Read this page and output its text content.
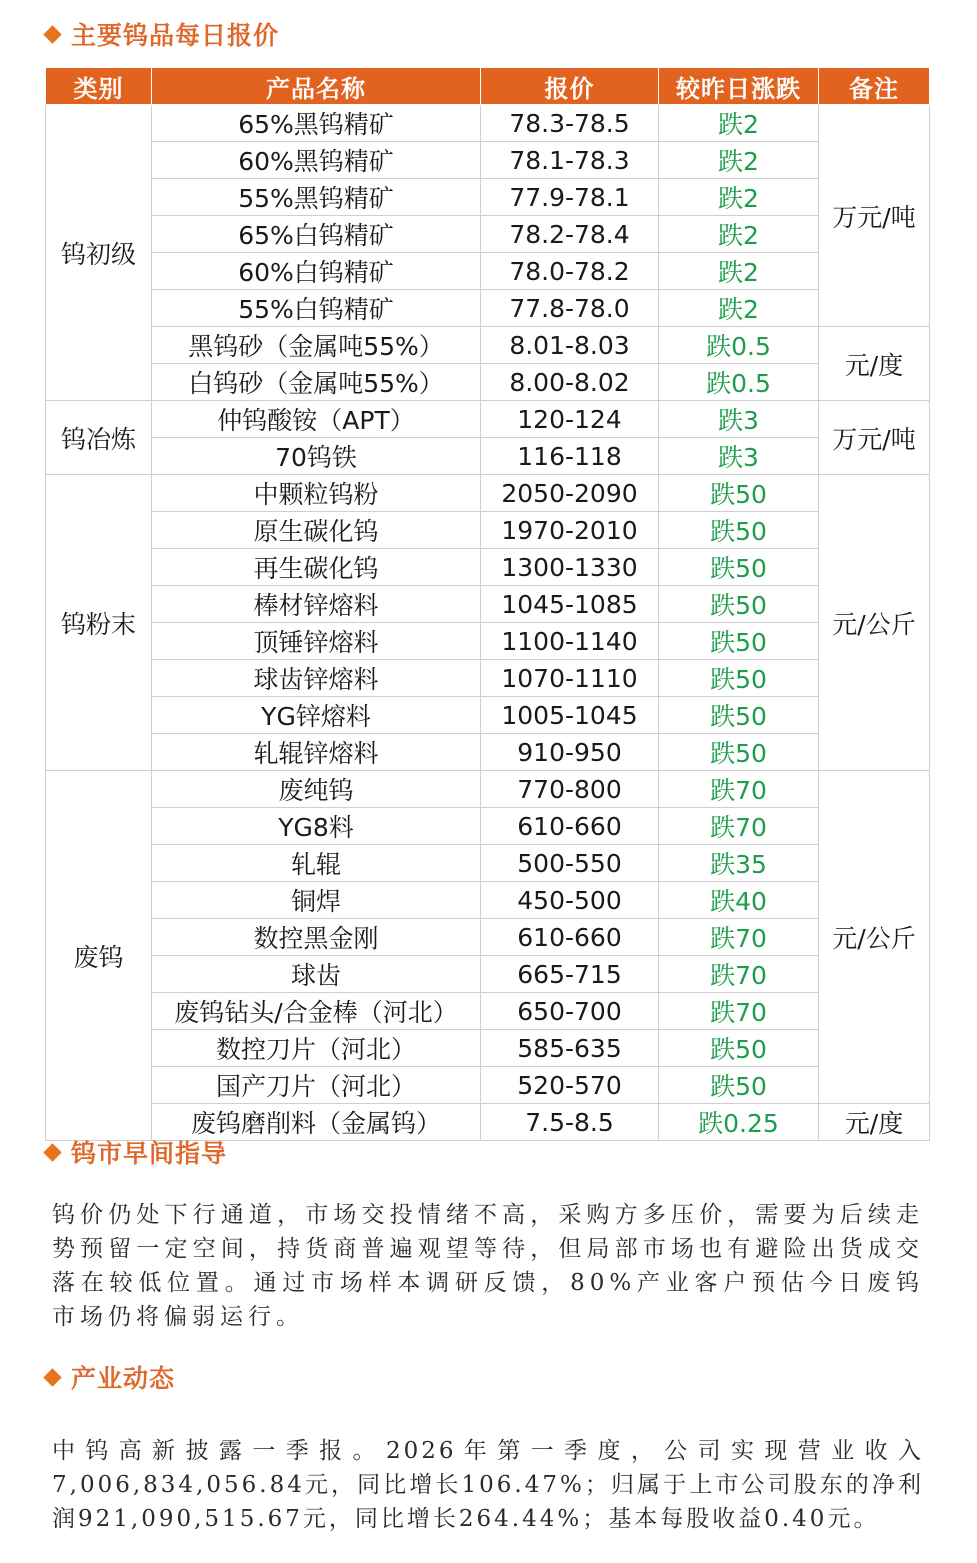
主要钨品每日报价
类别	产品名称	报价	较昨日涨跌	备注
钨初级	65%黑钨精矿	78.3-78.5	跌2	万元/吨
	60%黑钨精矿	78.1-78.3	跌2	
	55%黑钨精矿	77.9-78.1	跌2	
	65%白钨精矿	78.2-78.4	跌2	
	60%白钨精矿	78.0-78.2	跌2	
	55%白钨精矿	77.8-78.0	跌2	
	黑钨砂（金属吨55%）	8.01-8.03	跌0.5	元/度
	白钨砂（金属吨55%）	8.00-8.02	跌0.5	
钨冶炼	仲钨酸铵（APT）	120-124	跌3	万元/吨
	70钨铁	116-118	跌3	
钨粉末	中颗粒钨粉	2050-2090	跌50	元/公斤
	原生碳化钨	1970-2010	跌50	
	再生碳化钨	1300-1330	跌50	
	棒材锌熔料	1045-1085	跌50	
	顶锤锌熔料	1100-1140	跌50	
	球齿锌熔料	1070-1110	跌50	
	YG锌熔料	1005-1045	跌50	
	轧辊锌熔料	910-950	跌50	
废钨	废纯钨	770-800	跌70	元/公斤
	YG8料	610-660	跌70	
	轧辊	500-550	跌35	
	铜焊	450-500	跌40	
	数控黑金刚	610-660	跌70	
	球齿	665-715	跌70	
	废钨钻头/合金棒（河北）	650-700	跌70	
	数控刀片（河北）	585-635	跌50	
	国产刀片（河北）	520-570	跌50	
	废钨磨削料（金属钨）	7.5-8.5	跌0.25	元/度
钨市早间指导

钨价仍处下行通道，市场交投情绪不高，采购方多压价，需要为后续走势预留一定空间，持货商普遍观望等待，但局部市场也有避险出货成交落在较低位置。通过市场样本调研反馈，80%产业客户预估今日废钨市场仍将偏弱运行。

产业动态

中钨高新披露一季报。2026年第一季度，公司实现营业收入7,006,834,056.84元，同比增长106.47%；归属于上市公司股东的净利润921,090,515.67元，同比增长264.44%；基本每股收益0.40元。
